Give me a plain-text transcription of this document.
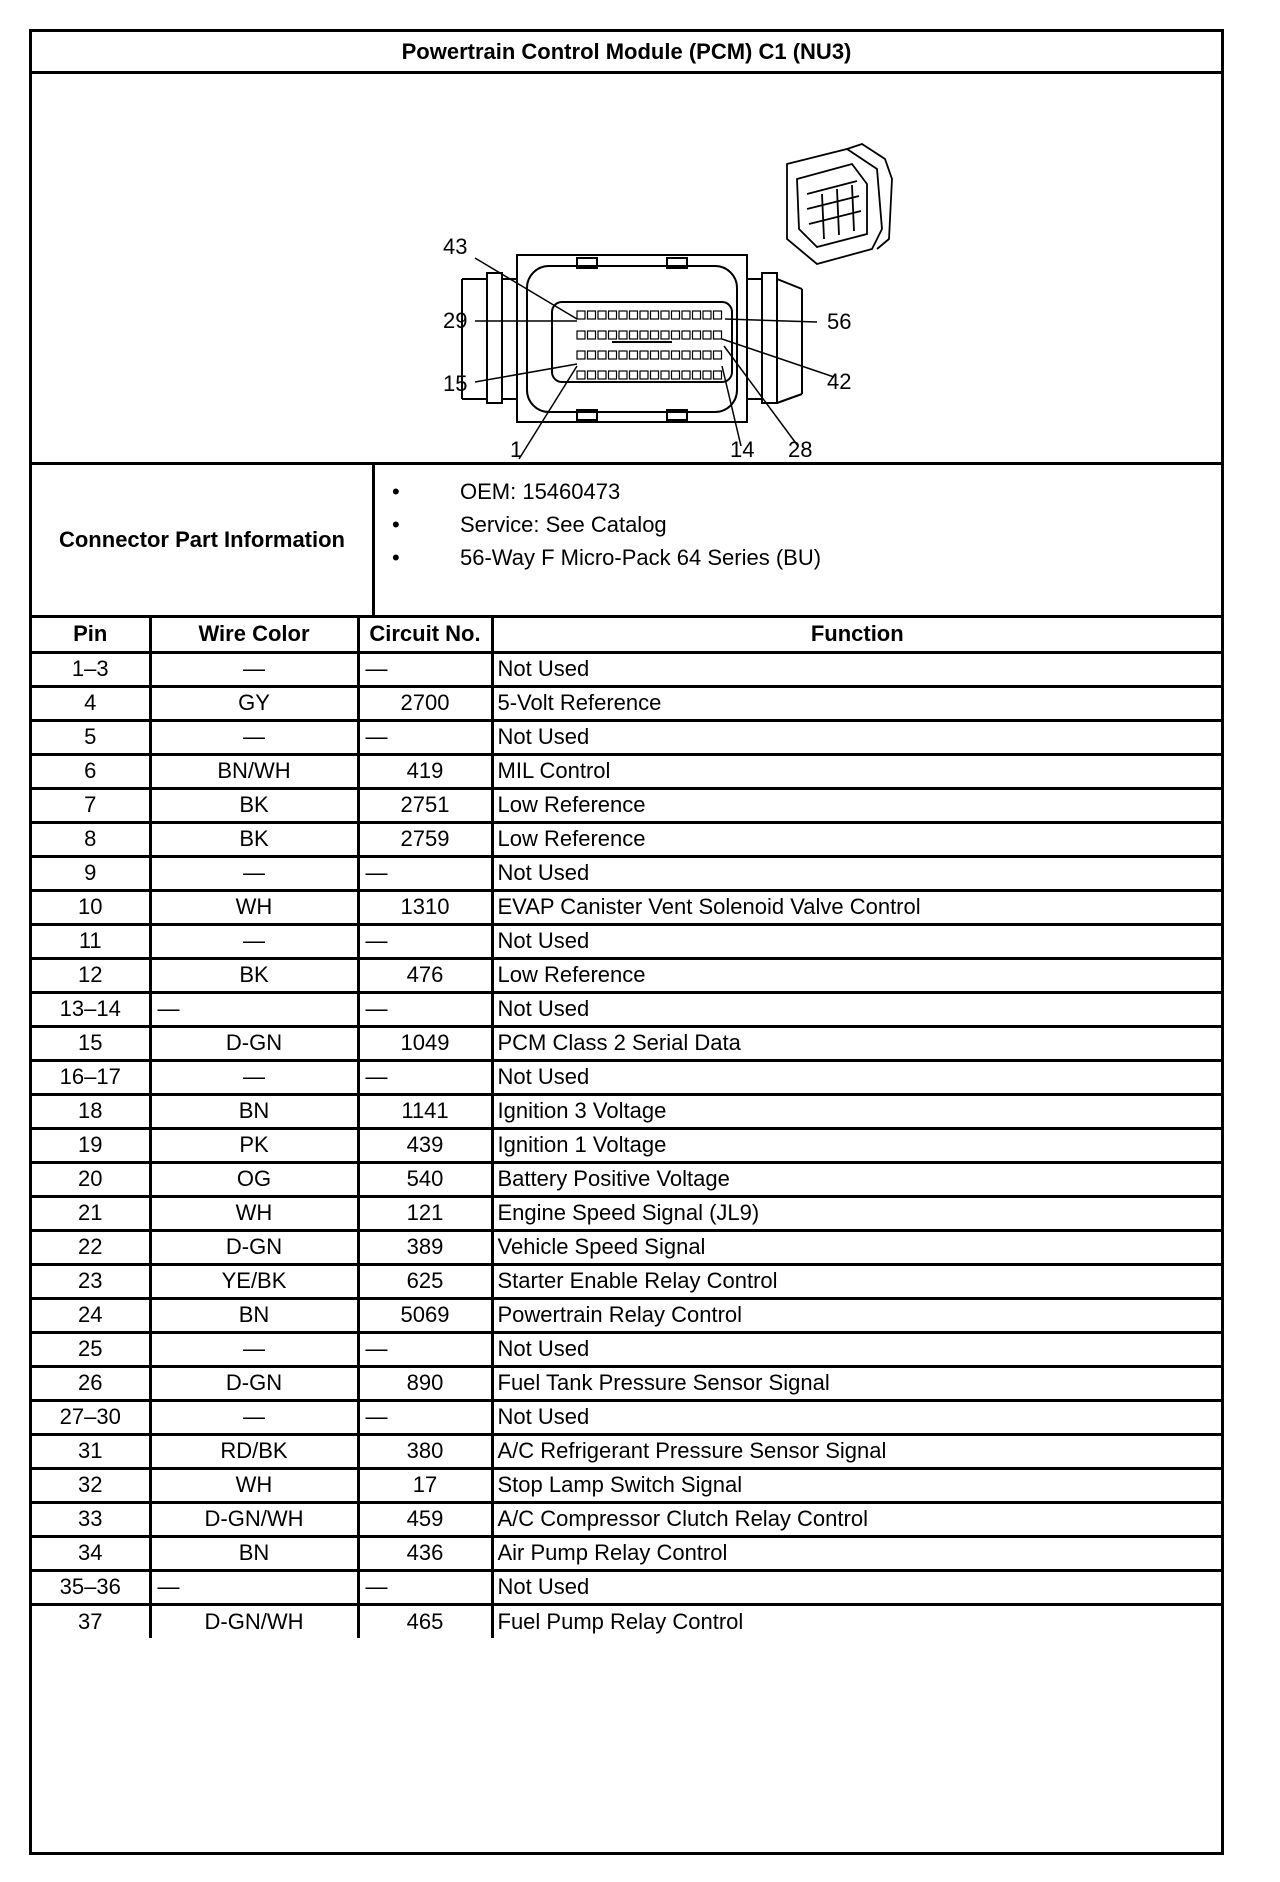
Powertrain Control Module (PCM) C1 (NU3)
43
29
15
1	14 28
56
42
Connector Part Information
• OEM: 15460473
• Service: See Catalog
• 56-Way F Micro-Pack 64 Series (BU)
Pin	Wire Color	Circuit No.	Function
1–3	—	—	Not Used
4	GY	2700	5-Volt Reference
5	—	—	Not Used
6	BN/WH	419	MIL Control
7	BK	2751	Low Reference
8	BK	2759	Low Reference
9	—	—	Not Used
10	WH	1310	EVAP Canister Vent Solenoid Valve Control
11	—	—	Not Used
12	BK	476	Low Reference
13–14	—	—	Not Used
15	D-GN	1049	PCM Class 2 Serial Data
16–17	—	—	Not Used
18	BN	1141	Ignition 3 Voltage
19	PK	439	Ignition 1 Voltage
20	OG	540	Battery Positive Voltage
21	WH	121	Engine Speed Signal (JL9)
22	D-GN	389	Vehicle Speed Signal
23	YE/BK	625	Starter Enable Relay Control
24	BN	5069	Powertrain Relay Control
25	—	—	Not Used
26	D-GN	890	Fuel Tank Pressure Sensor Signal
27–30	—	—	Not Used
31	RD/BK	380	A/C Refrigerant Pressure Sensor Signal
32	WH	17	Stop Lamp Switch Signal
33	D-GN/WH	459	A/C Compressor Clutch Relay Control
34	BN	436	Air Pump Relay Control
35–36	—	—	Not Used
37	D-GN/WH	465	Fuel Pump Relay Control
